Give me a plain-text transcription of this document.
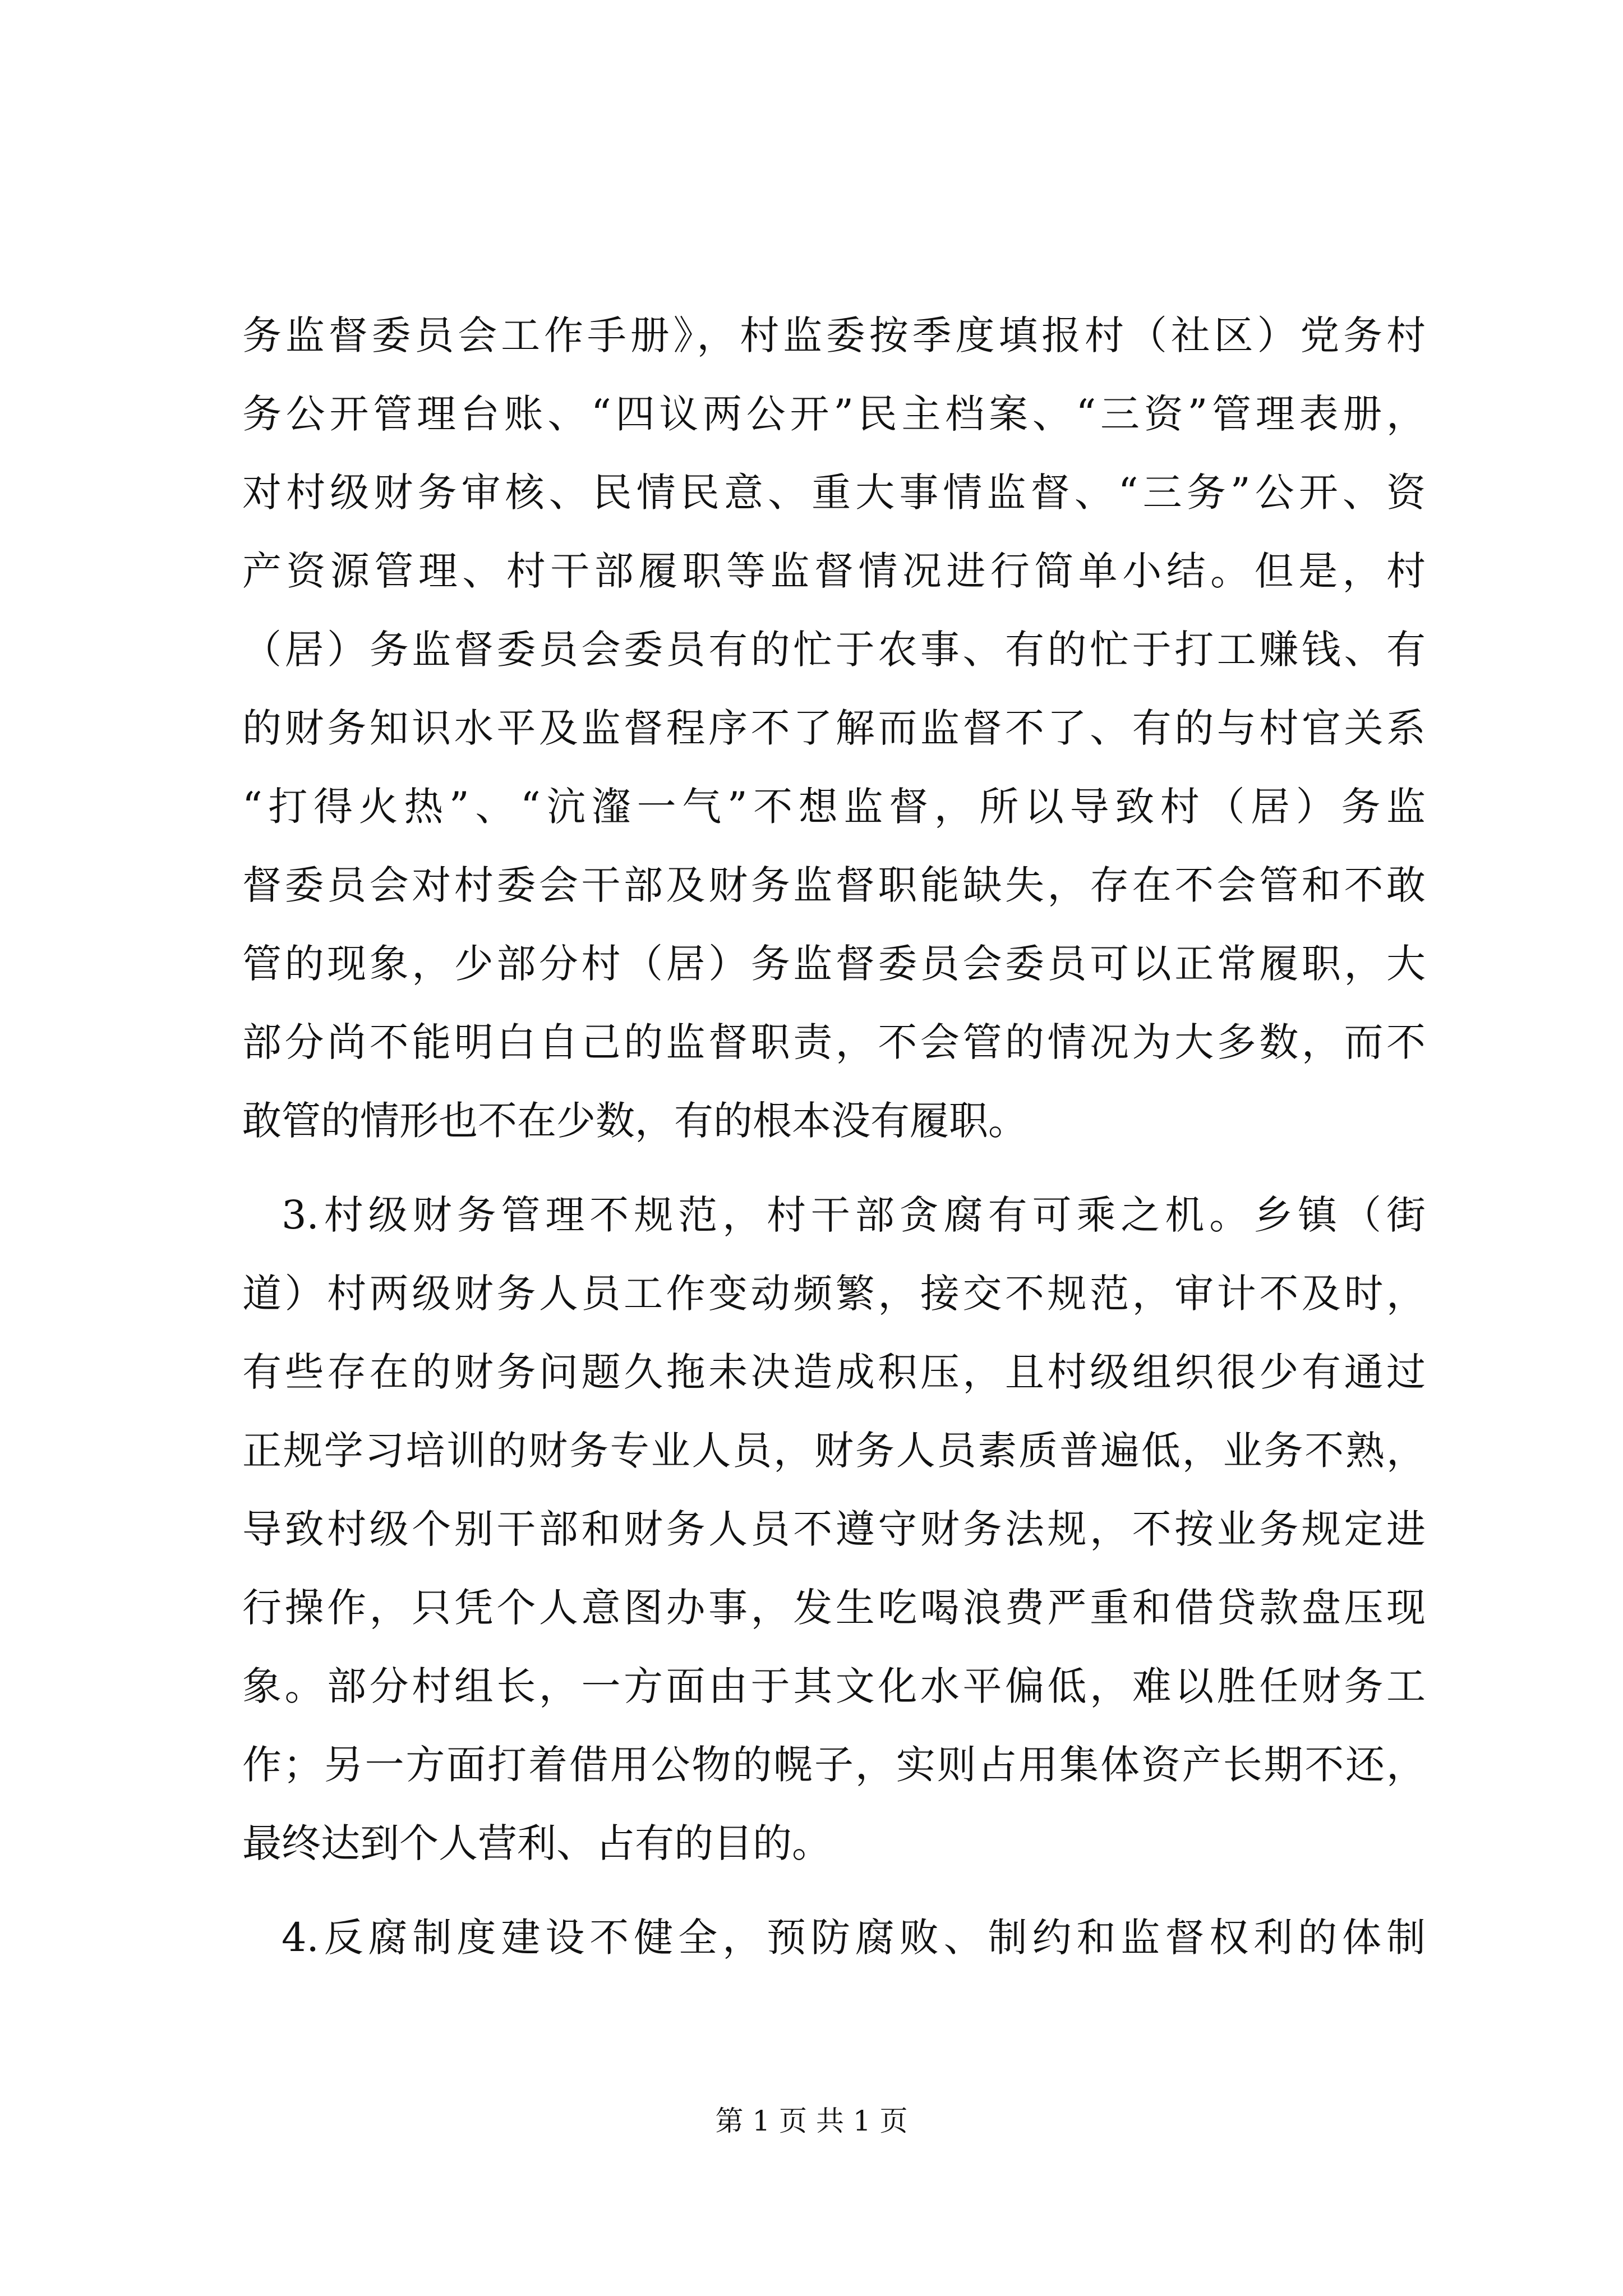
务监督委员会工作手册》，村监委按季度填报村（社区）党务村
务公开管理台账、“四议两公开”民主档案、“三资”管理表册，
对村级财务审核、民情民意、重大事情监督、“三务”公开、资
产资源管理、村干部履职等监督情况进行简单小结。但是，村
（居）务监督委员会委员有的忙于农事、有的忙于打工赚钱、有
的财务知识水平及监督程序不了解而监督不了、有的与村官关系
“打得火热”、“沆瀣一气”不想监督，所以导致村（居）务监
督委员会对村委会干部及财务监督职能缺失，存在不会管和不敢
管的现象，少部分村（居）务监督委员会委员可以正常履职，大
部分尚不能明白自己的监督职责，不会管的情况为大多数，而不
敢管的情形也不在少数，有的根本没有履职。
3.村级财务管理不规范，村干部贪腐有可乘之机。乡镇（街
道）村两级财务人员工作变动频繁，接交不规范，审计不及时，
有些存在的财务问题久拖未决造成积压，且村级组织很少有通过
正规学习培训的财务专业人员，财务人员素质普遍低，业务不熟，
导致村级个别干部和财务人员不遵守财务法规，不按业务规定进
行操作，只凭个人意图办事，发生吃喝浪费严重和借贷款盘压现
象。部分村组长，一方面由于其文化水平偏低，难以胜任财务工
作；另一方面打着借用公物的幌子，实则占用集体资产长期不还，
最终达到个人营利、占有的目的。
4.反腐制度建设不健全，预防腐败、制约和监督权利的体制
第 1 页 共 1 页
